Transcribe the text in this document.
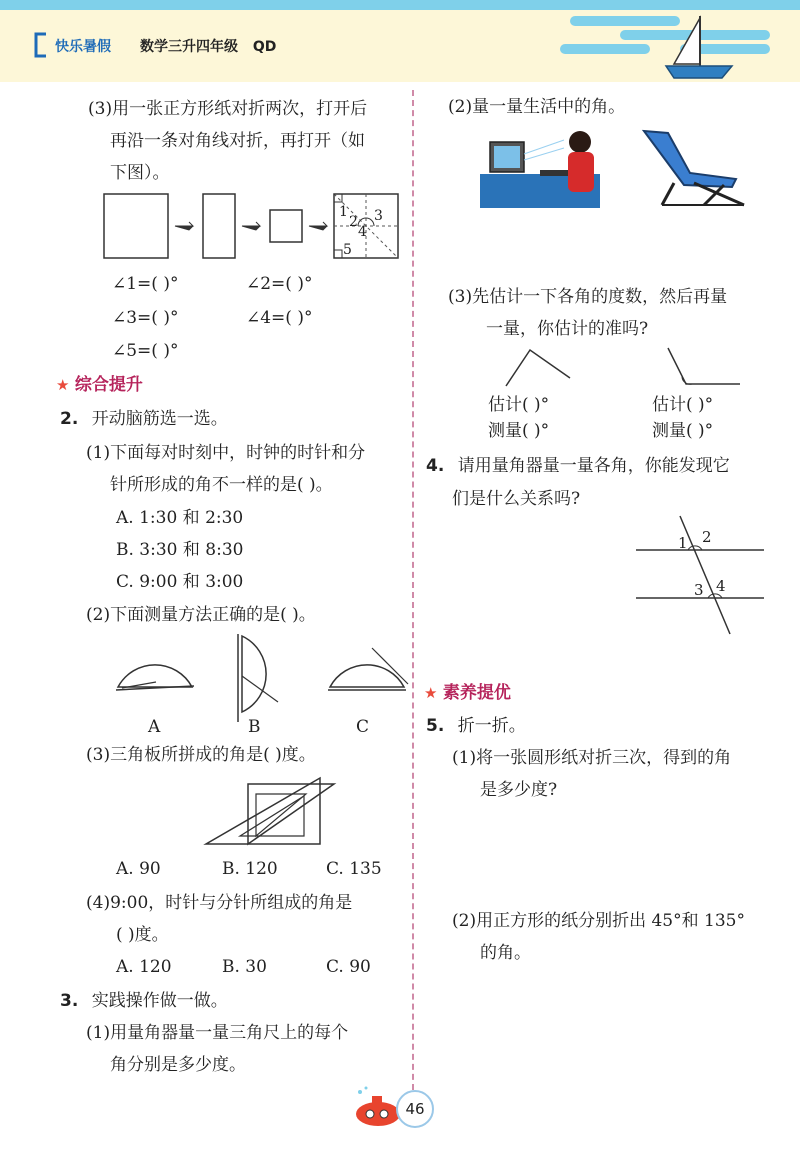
快乐暑假 数学三升四年级 QD
(3)用一张正方形纸对折两次，打开后
再沿一条对角线对折，再打开（如
下图）。
1
2 3
4
5
∠1=( )°	∠2=( )°
∠3=( )°	∠4=( )°
∠5=( )°
★ 综合提升
2. 开动脑筋选一选。
(1)下面每对时刻中，时钟的时针和分
针所形成的角不一样的是( )。
A. 1:30 和 2:30
B. 3:30 和 8:30
C. 9:00 和 3:00
(2)下面测量方法正确的是( )。
A	B	C
(3)三角板所拼成的角是( )度。
A. 90	B. 120	C. 135
(4)9:00，时针与分针所组成的角是
( )度。
A. 120	B. 30	C. 90
3. 实践操作做一做。
(1)用量角器量一量三角尺上的每个
角分别是多少度。
(2)量一量生活中的角。
(3)先估计一下各角的度数，然后再量
一量，你估计的准吗?
估计( )°	估计( )°
测量( )°	测量( )°
4. 请用量角器量一量各角，你能发现它
们是什么关系吗?
1 2
3 4
★ 素养提优
5. 折一折。
(1)将一张圆形纸对折三次，得到的角
是多少度?
(2)用正方形的纸分别折出 45°和 135°
的角。
46
